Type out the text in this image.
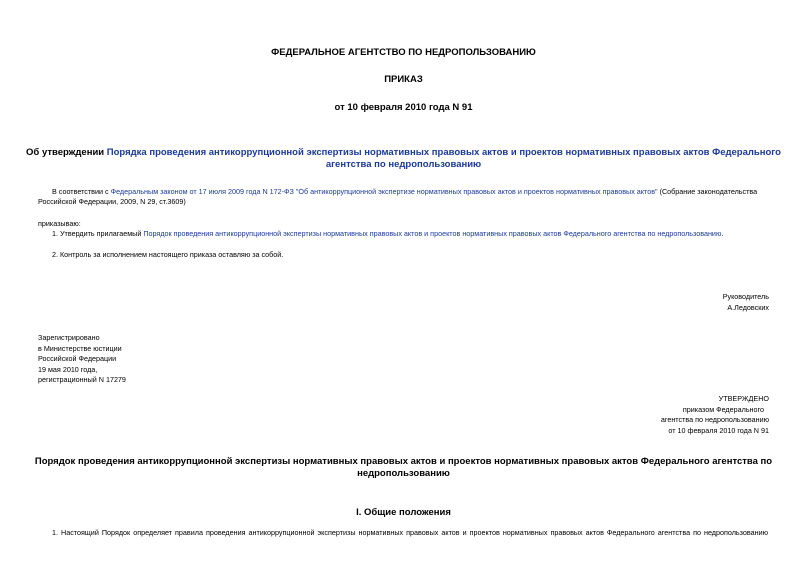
ФЕДЕРАЛЬНОЕ АГЕНТСТВО ПО НЕДРОПОЛЬЗОВАНИЮ
ПРИКАЗ
от 10 февраля 2010 года N 91
Об утверждении Порядка проведения антикоррупционной экспертизы нормативных правовых актов и проектов нормативных правовых актов Федерального
агентства по недропользованию
В соответствии с Федеральным законом от 17 июля 2009 года N 172-ФЗ "Об антикоррупционной экспертизе нормативных правовых актов и проектов нормативных правовых актов" (Собрание законодательства
Российской Федерации, 2009, N 29, ст.3609)
приказываю:
1. Утвердить прилагаемый Порядок проведения антикоррупционной экспертизы нормативных правовых актов и проектов нормативных правовых актов Федерального агентства по недропользованию.
2. Контроль за исполнением настоящего приказа оставляю за собой.
Руководитель
А.Ледовских
Зарегистрировано
в Министерстве юстиции
Российской Федерации
19 мая 2010 года,
регистрационный N 17279
УТВЕРЖДЕНО
приказом Федерального
агентства по недропользованию
от 10 февраля 2010 года N 91
Порядок проведения антикоррупционной экспертизы нормативных правовых актов и проектов нормативных правовых актов Федерального агентства по
недропользованию
I. Общие положения
1. Настоящий Порядок определяет правила проведения антикоррупционной экспертизы нормативных правовых актов и проектов нормативных правовых актов Федерального агентства по недропользованию
